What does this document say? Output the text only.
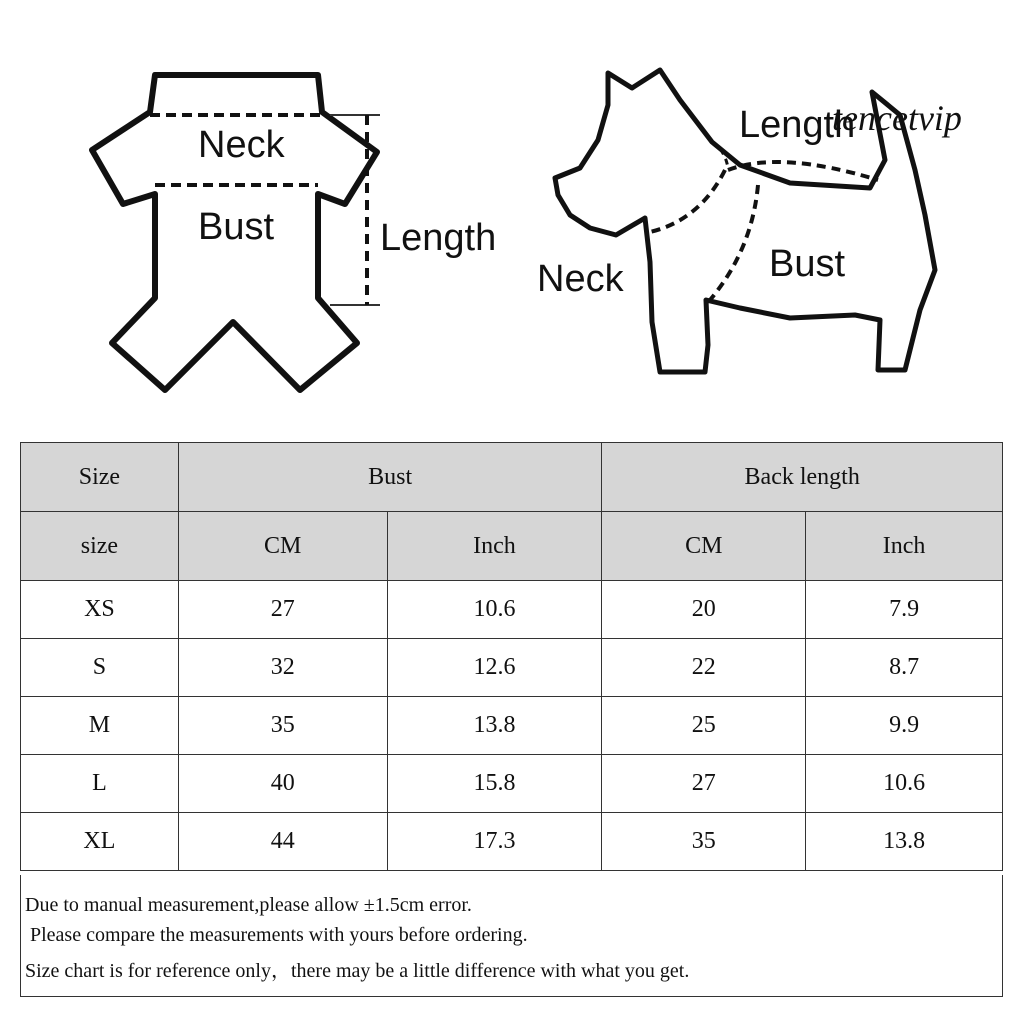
Neck
Bust	Length
Length
Neck	Bust
tencetvip
Size	Bust		Back length	
size	CM	Inch	CM	Inch
XS	27	10.6	20	7.9
S	32	12.6	22	8.7
M	35	13.8	25	9.9
L	40	15.8	27	10.6
XL	44	17.3	35	13.8
Due to manual measurement,please allow ±1.5cm error.
Please compare the measurements with yours before ordering.
Size chart is for reference only，there may be a little difference with what you get.
